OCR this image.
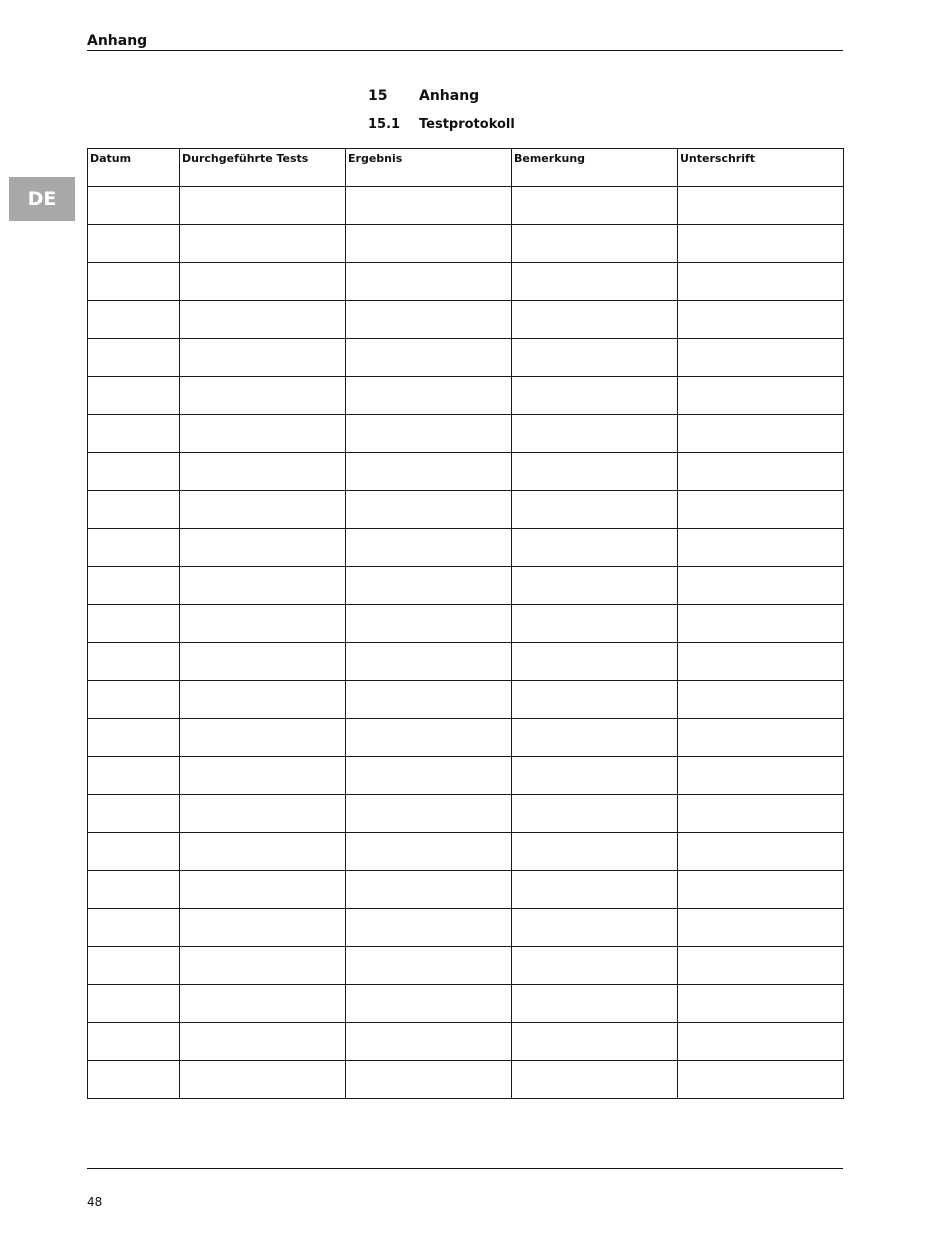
Anhang
15 Anhang
15.1 Testprotokoll
DE
Datum	Durchgeführte Tests	Ergebnis	Bemerkung	Unterschrift

48
